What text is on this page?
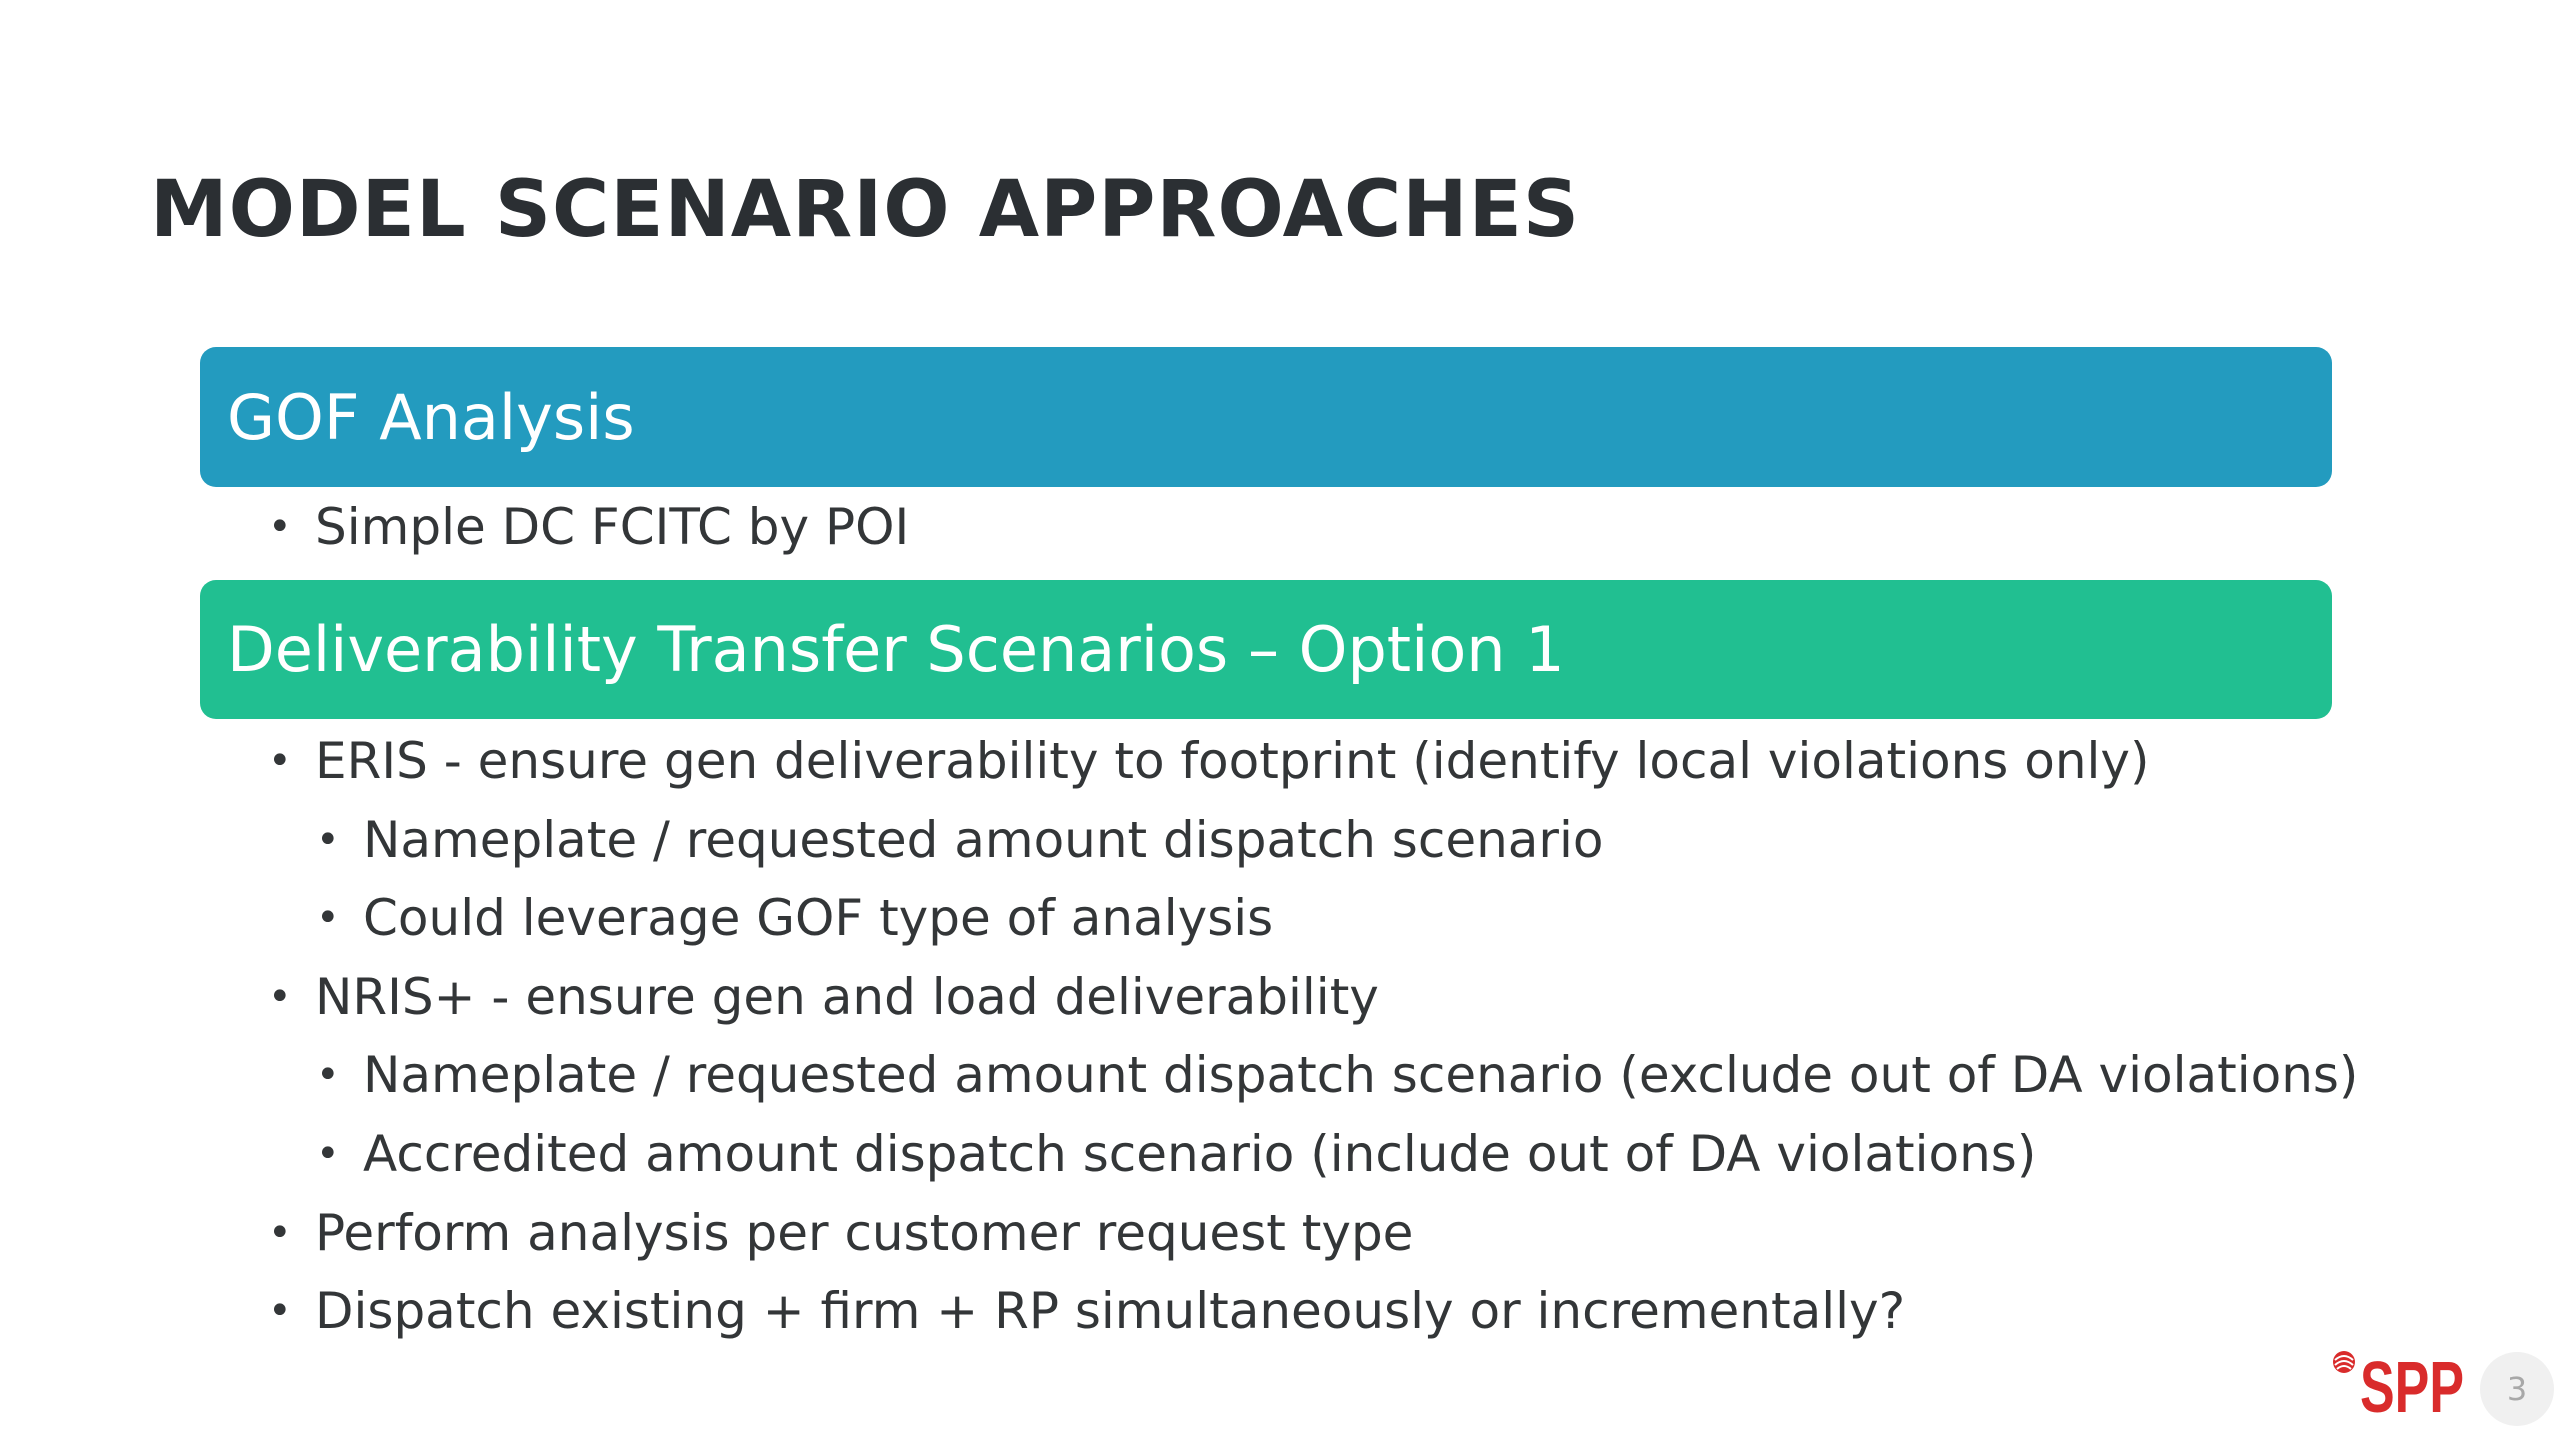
MODEL SCENARIO APPROACHES
GOF Analysis
• Simple DC FCITC by POI
Deliverability Transfer Scenarios – Option 1
• ERIS - ensure gen deliverability to footprint (identify local violations only)
• Nameplate / requested amount dispatch scenario
• Could leverage GOF type of analysis
• NRIS+ - ensure gen and load deliverability
• Nameplate / requested amount dispatch scenario (exclude out of DA violations)
• Accredited amount dispatch scenario (include out of DA violations)
• Perform analysis per customer request type
• Dispatch existing + firm + RP simultaneously or incrementally?
SPP 3
